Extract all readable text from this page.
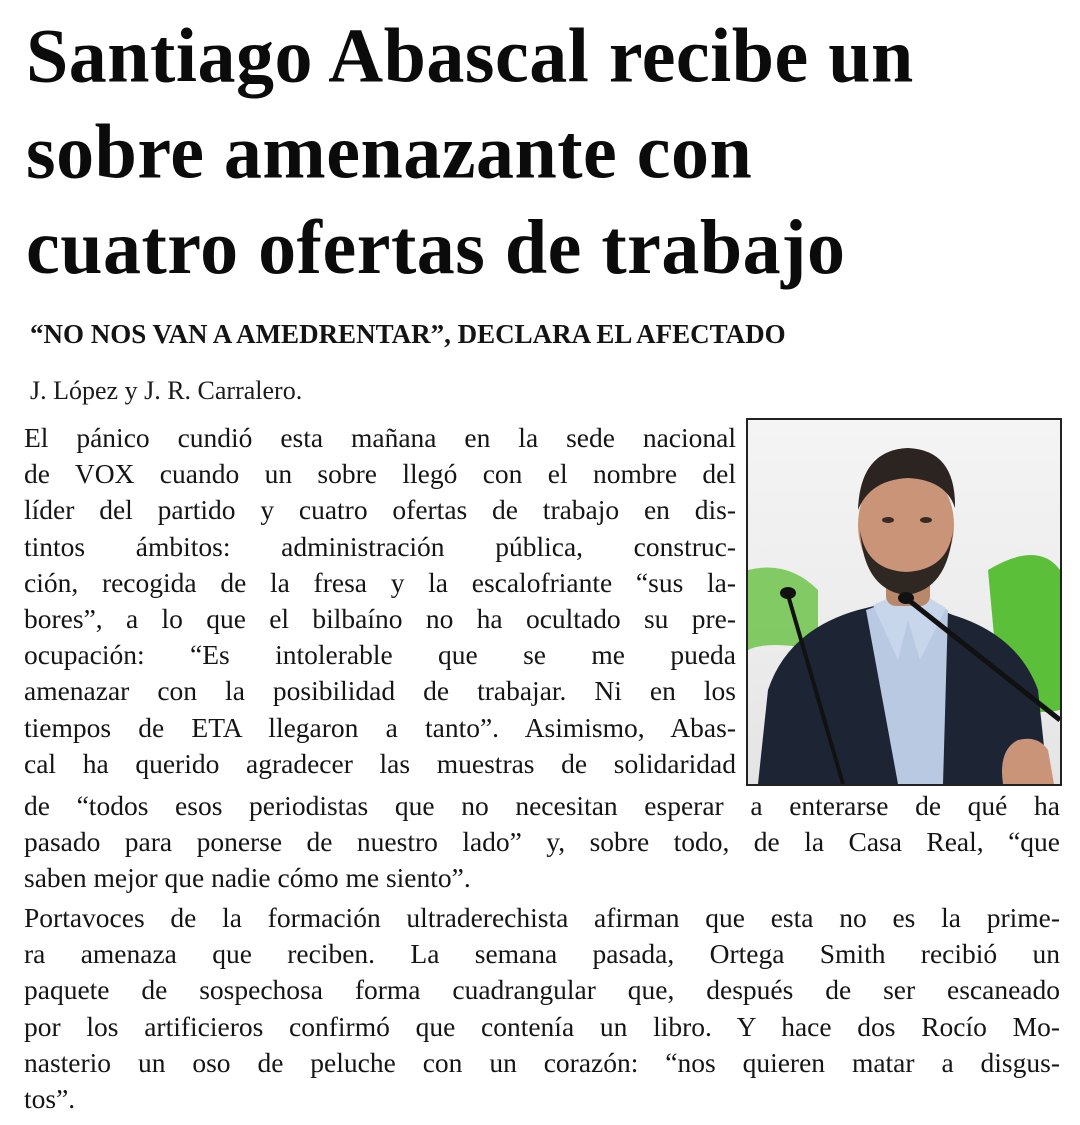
Santiago Abascal recibe un
sobre amenazante con
cuatro ofertas de trabajo
“NO NOS VAN A AMEDRENTAR”, DECLARA EL AFECTADO

J. López y J. R. Carralero.

El pánico cundió esta mañana en la sede nacional
de VOX cuando un sobre llegó con el nombre del
líder del partido y cuatro ofertas de trabajo en dis-
tintos ámbitos: administración pública, construc-
ción, recogida de la fresa y la escalofriante “sus la-
bores”, a lo que el bilbaíno no ha ocultado su pre-
ocupación: “Es intolerable que se me pueda
amenazar con la posibilidad de trabajar. Ni en los
tiempos de ETA llegaron a tanto”. Asimismo, Abas-
cal ha querido agradecer las muestras de solidaridad
de “todos esos periodistas que no necesitan esperar a enterarse de qué ha
pasado para ponerse de nuestro lado” y, sobre todo, de la Casa Real, “que
saben mejor que nadie cómo me siento”.
Portavoces de la formación ultraderechista afirman que esta no es la prime-
ra amenaza que reciben. La semana pasada, Ortega Smith recibió un
paquete de sospechosa forma cuadrangular que, después de ser escaneado
por los artificieros confirmó que contenía un libro. Y hace dos Rocío Mo-
nasterio un oso de peluche con un corazón: “nos quieren matar a disgus-
tos”.
